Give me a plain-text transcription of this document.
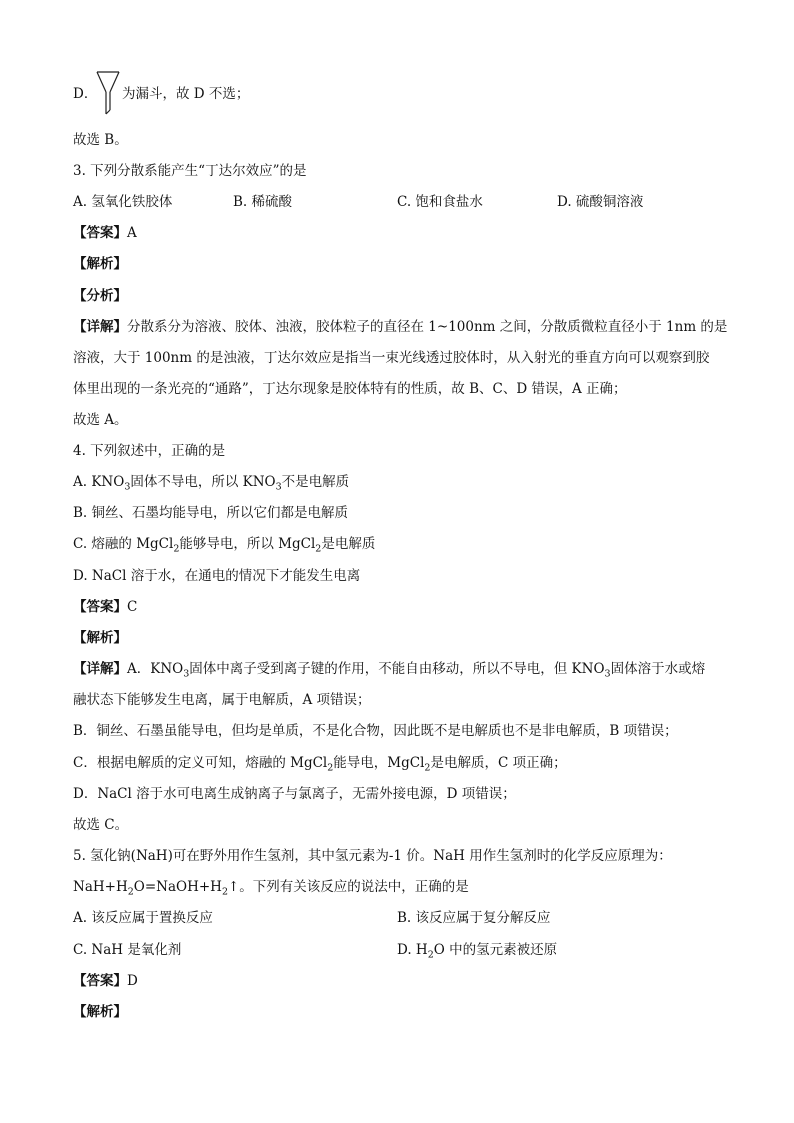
D． 为漏斗，故 D 不选；
故选 B。
3. 下列分散系能产生“丁达尔效应”的是
A. 氢氧化铁胶体	B. 稀硫酸	C. 饱和食盐水	D. 硫酸铜溶液
【答案】A
【解析】
【分析】
【详解】分散系分为溶液、胶体、浊液，胶体粒子的直径在 1~100nm 之间，分散质微粒直径小于 1nm 的是
溶液，大于 100nm 的是浊液，丁达尔效应是指当一束光线透过胶体时，从入射光的垂直方向可以观察到胶
体里出现的一条光亮的“通路”，丁达尔现象是胶体特有的性质，故 B、C、D 错误，A 正确；
故选 A。
4. 下列叙述中，正确的是
A. $KNO_3$固体不导电，所以 $KNO_3$不是电解质
B. 铜丝、石墨均能导电，所以它们都是电解质
C. 熔融的 MgCl$_2$能够导电，所以 MgCl$_2$是电解质
D. NaCl 溶于水，在通电的情况下才能发生电离
【答案】C
【解析】
【详解】A．$KNO_3$固体中离子受到离子键的作用，不能自由移动，所以不导电，但 $KNO_3$固体溶于水或熔
融状态下能够发生电离，属于电解质，A 项错误；
B．铜丝、石墨虽能导电，但均是单质，不是化合物，因此既不是电解质也不是非电解质，B 项错误；
C．根据电解质的定义可知，熔融的 MgCl$_2$能导电，MgCl$_2$是电解质，C 项正确；
D．NaCl 溶于水可电离生成钠离子与氯离子，无需外接电源，D 项错误；
故选 C。
5. 氢化钠(NaH)可在野外用作生氢剂，其中氢元素为-1 价。NaH 用作生氢剂时的化学反应原理为：
$NaH+H_2O=NaOH+H_2↑$。下列有关该反应的说法中，正确的是
A. 该反应属于置换反应	B. 该反应属于复分解反应
C. NaH 是氧化剂	D. $H_2O$ 中的氢元素被还原
【答案】D
【解析】
